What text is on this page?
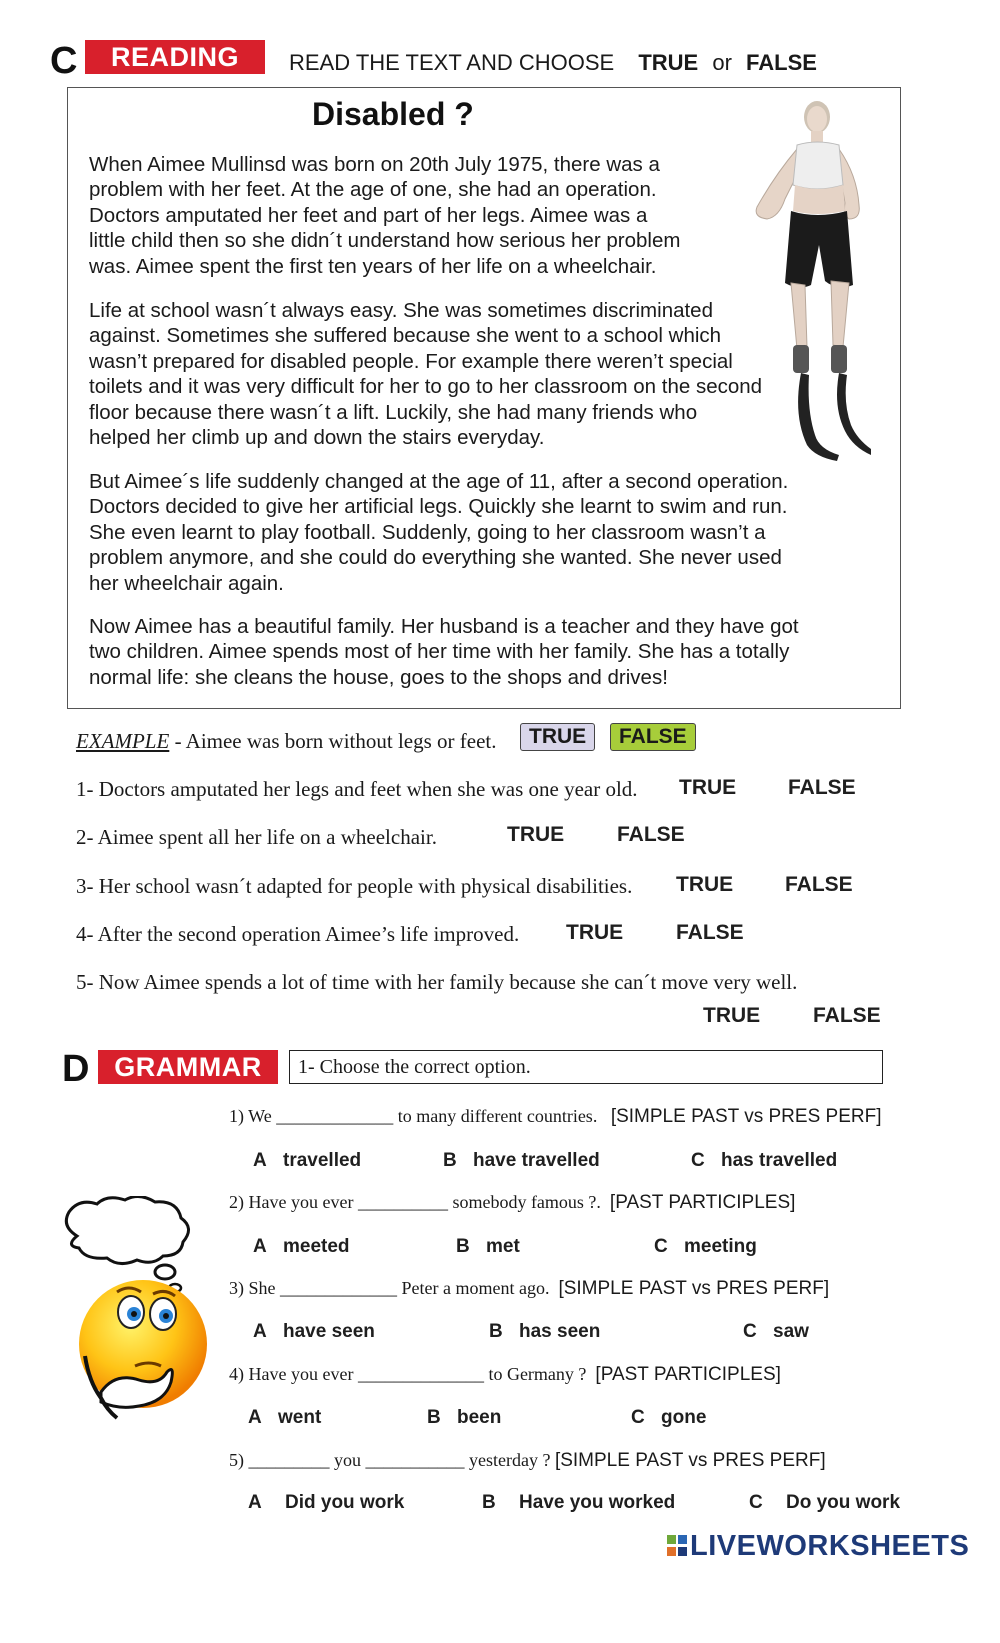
C	READING	READ THE TEXT AND CHOOSE TRUE or FALSE
Disabled ?
When Aimee Mullinsd was born on 20th July 1975, there was a
problem with her feet. At the age of one, she had an operation.
Doctors amputated her feet and part of her legs. Aimee was a
little child then so she didn´t understand how serious her problem
was. Aimee spent the first ten years of her life on a wheelchair.
Life at school wasn´t always easy. She was sometimes discriminated
against. Sometimes she suffered because she went to a school which
wasn’t prepared for disabled people. For example there weren’t special
toilets and it was very difficult for her to go to her classroom on the second
floor because there wasn´t a lift. Luckily, she had many friends who
helped her climb up and down the stairs everyday.
But Aimee´s life suddenly changed at the age of 11, after a second operation.
Doctors decided to give her artificial legs. Quickly she learnt to swim and run.
She even learnt to play football. Suddenly, going to her classroom wasn’t a
problem anymore, and she could do everything she wanted. She never used
her wheelchair again.
Now Aimee has a beautiful family. Her husband is a teacher and they have got
two children. Aimee spends most of her time with her family. She has a totally
normal life: she cleans the house, goes to the shops and drives!
EXAMPLE - Aimee was born without legs or feet.	TRUE	FALSE
1- Doctors amputated her legs and feet when she was one year old. TRUE FALSE
2- Aimee spent all her life on a wheelchair.	TRUE	FALSE
3- Her school wasn´t adapted for people with physical disabilities. TRUE FALSE
4- After the second operation Aimee’s life improved. TRUE	FALSE
5- Now Aimee spends a lot of time with her family because she can´t move very well.
TRUE	FALSE
D GRAMMAR	1- Choose the correct option.
1) We _____________ to many different countries. [SIMPLE PAST vs PRES PERF]
A travelled	B have travelled	C has travelled
2) Have you ever __________ somebody famous ?. [PAST PARTICIPLES]
A meeted	B met	C meeting
3) She _____________ Peter a moment ago. [SIMPLE PAST vs PRES PERF]
A have seen	B has seen	C saw
4) Have you ever ______________ to Germany ? [PAST PARTICIPLES]
A went	B been	C gone
5) _________ you ___________ yesterday ? [SIMPLE PAST vs PRES PERF]
A Did you work	B Have you worked	C Do you work
LIVEWORKSHEETS
